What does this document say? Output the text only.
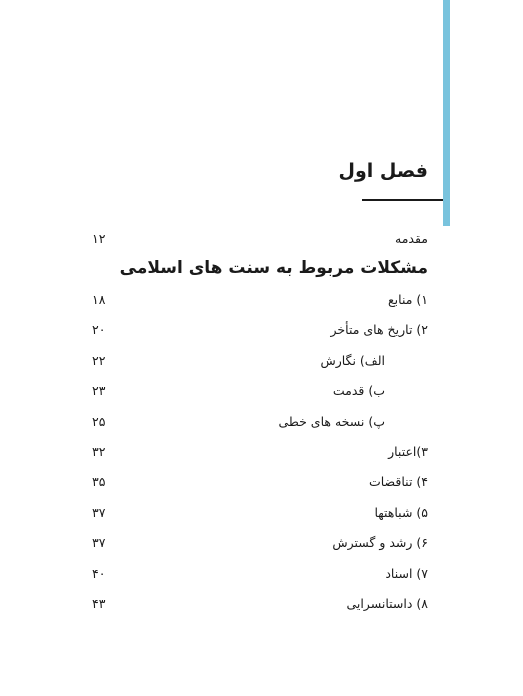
فصل اول
مقدمه
۱۲
مشکلات مربوط به سنت های اسلامی
۱) منابع
۱۸
۲) تاریخ های متأخر
۲۰
الف) نگارش
۲۲
ب) قدمت
۲۳
پ) نسخه های خطی
۲۵
۳)اعتبار
۳۲
۴) تناقضات
۳۵
۵) شباهتها
۳۷
۶) رشد و گسترش
۳۷
۷) اسناد
۴۰
۸) داستانسرایی
۴۳
